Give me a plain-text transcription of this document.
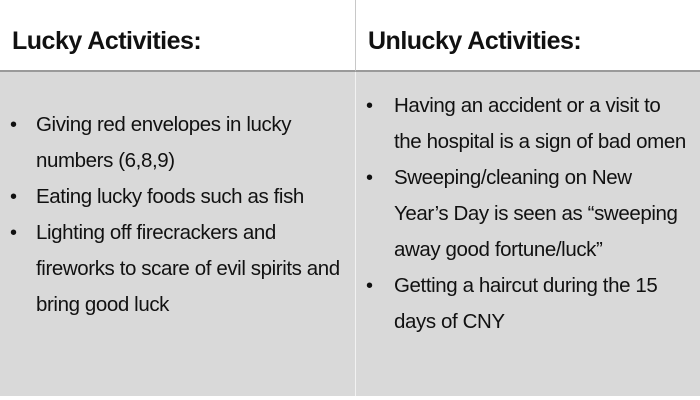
Lucky Activities:	Unlucky Activities:
• Giving red envelopes in lucky numbers (6,8,9)
• Eating lucky foods such as fish
• Lighting off firecrackers and fireworks to scare of evil spirits and bring good luck
• Having an accident or a visit to the hospital is a sign of bad omen
• Sweeping/cleaning on New Year’s Day is seen as “sweeping away good fortune/luck”
• Getting a haircut during the 15 days of CNY
